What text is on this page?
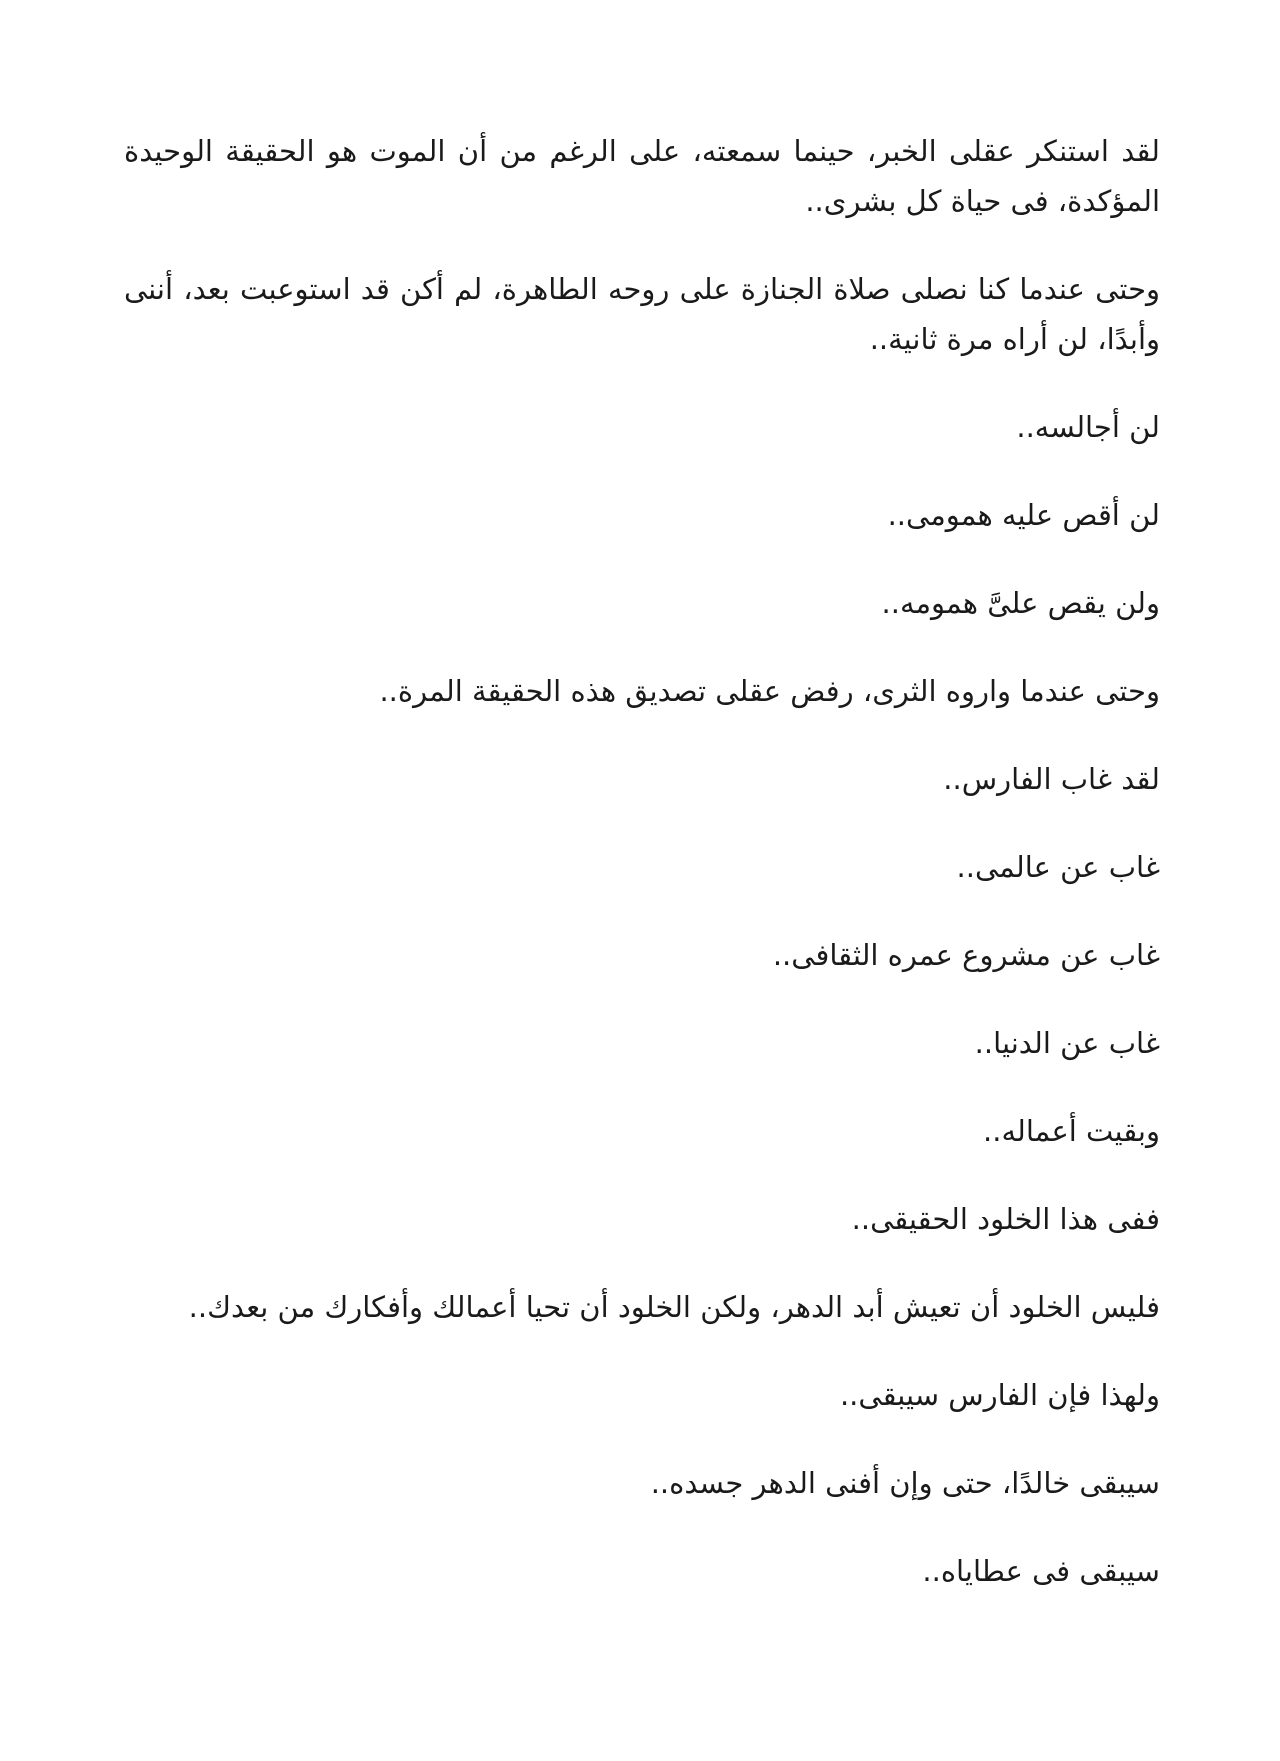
لقد استنكر عقلى الخبر، حينما سمعته، على الرغم من أن الموت هو الحقيقة الوحيدة المؤكدة، فى حياة كل بشرى..

وحتى عندما كنا نصلى صلاة الجنازة على روحه الطاهرة، لم أكن قد استوعبت بعد، أننى وأبدًا، لن أراه مرة ثانية..

لن أجالسه..

لن أقص عليه همومى..

ولن يقص علىَّ همومه..

وحتى عندما واروه الثرى، رفض عقلى تصديق هذه الحقيقة المرة..

لقد غاب الفارس..

غاب عن عالمى..

غاب عن مشروع عمره الثقافى..

غاب عن الدنيا..

وبقيت أعماله..

ففى هذا الخلود الحقيقى..

فليس الخلود أن تعيش أبد الدهر، ولكن الخلود أن تحيا أعمالك وأفكارك من بعدك..

ولهذا فإن الفارس سيبقى..

سيبقى خالدًا، حتى وإن أفنى الدهر جسده..

سيبقى فى عطاياه..
